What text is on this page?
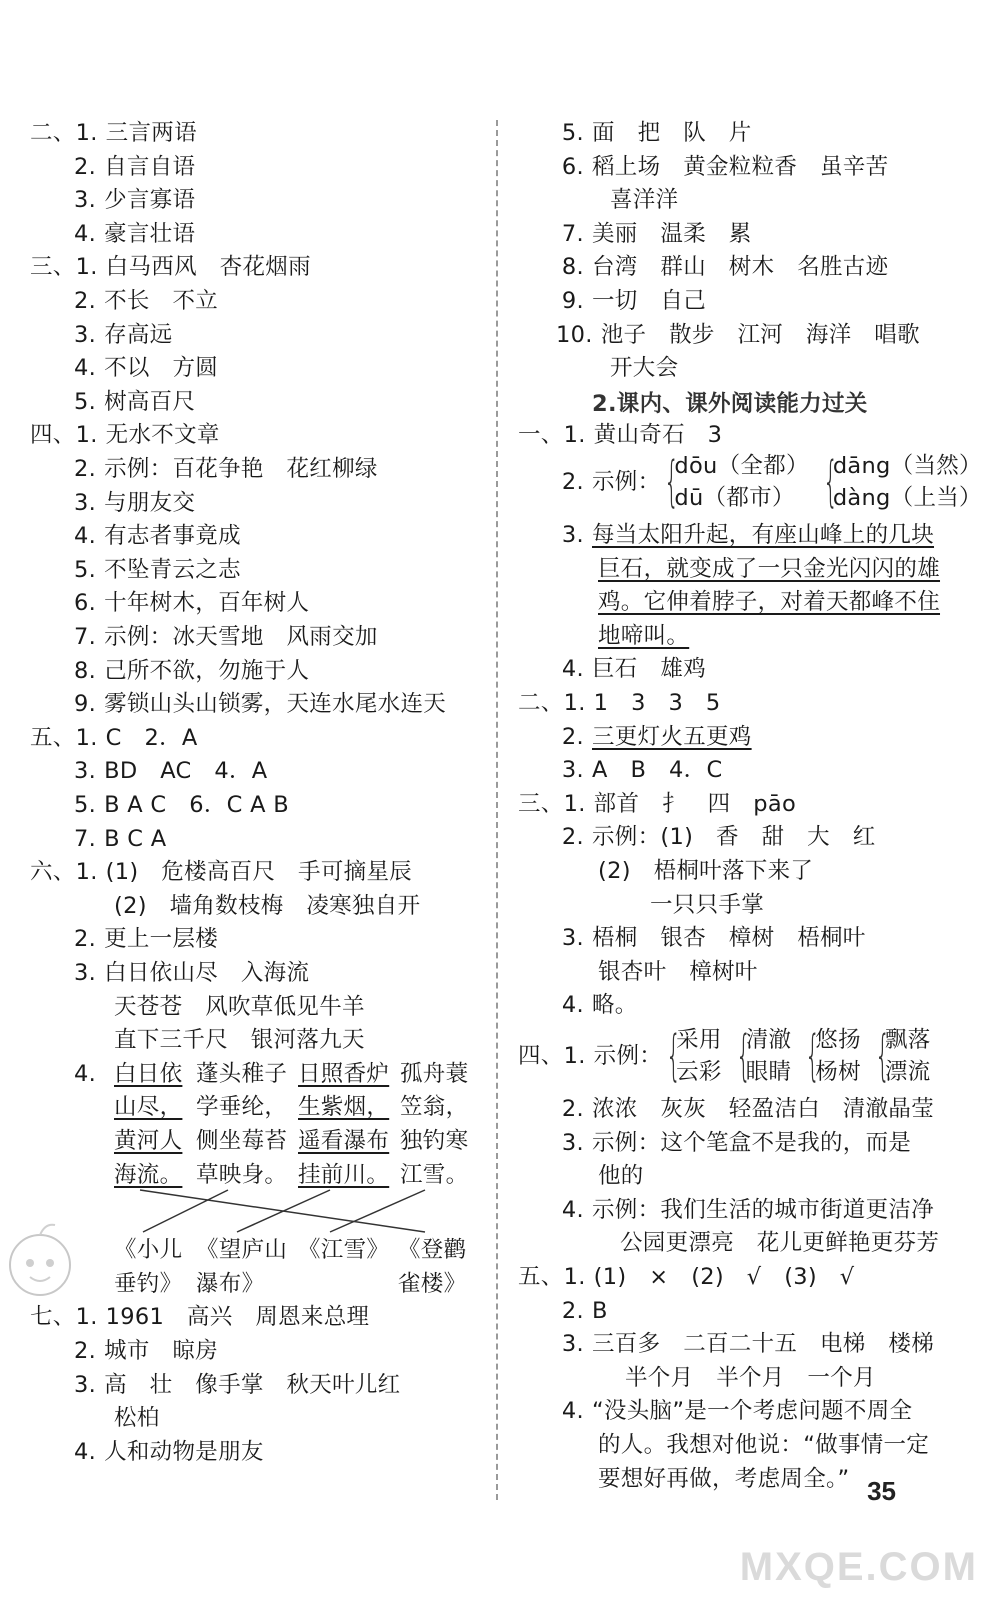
二、1. 三言两语
2. 自言自语
3. 少言寡语
4. 豪言壮语
三、1. 白马西风　杏花烟雨
2. 不长　不立
3. 存高远
4. 不以　方圆
5. 树高百尺
四、1. 无水不文章
2. 示例：百花争艳　花红柳绿
3. 与朋友交
4. 有志者事竟成
5. 不坠青云之志
6. 十年树木，百年树人
7. 示例：冰天雪地　风雨交加
8. 己所不欲，勿施于人
9. 雾锁山头山锁雾，天连水尾水连天
五、1. C　2．A
3. BD　AC　4．A
5. B A C　6．C A B
7. B C A
六、1. (1)　危楼高百尺　手可摘星辰
(2)　墙角数枝梅　凌寒独自开
2. 更上一层楼
3. 白日依山尽　入海流
天苍苍　风吹草低见牛羊
直下三千尺　银河落九天
4. 白日依 蓬头稚子 日照香炉 孤舟蓑
山尽， 学垂纶， 生紫烟， 笠翁，
黄河人 侧坐莓苔 遥看瀑布 独钓寒
海流。 草映身。 挂前川。 江雪。
《小儿
垂钓》
《望庐山
瀑布》
《江雪》 《登鹳
雀楼》
七、1. 1961　高兴　周恩来总理
2. 城市　晾房
3. 高　壮　像手掌　秋天叶儿红
松柏
4. 人和动物是朋友
5. 面　把　队　片
6. 稻上场　黄金粒粒香　虽辛苦
喜洋洋
7. 美丽　温柔　累
8. 台湾　群山　树木　名胜古迹
9. 一切　自己
10. 池子　散步　江河　海洋　唱歌
开大会
2.课内、课外阅读能力过关
一、1. 黄山奇石　3
2. 示例： {
dōu（全都）
dū（都市） {
dāng（当然）
dàng（上当）
3. 每当太阳升起，有座山峰上的几块
巨石，就变成了一只金光闪闪的雄
鸡。它伸着脖子，对着天都峰不住
地啼叫。
4. 巨石　雄鸡
二、1. 1　3　3　5
2. 三更灯火五更鸡
3. A　B　4．C
三、1. 部首　扌　四　pāo
2. 示例：(1)　香　甜　大　红
(2)　梧桐叶落下来了
一只只手掌
3. 梧桐　银杏　樟树　梧桐叶
银杏叶　樟树叶
4. 略。
四、1. 示例： {
采用
云彩 {
清澈
眼睛 {
悠扬
杨树 {
飘落
漂流
2. 浓浓　灰灰　轻盈洁白　清澈晶莹
3. 示例：这个笔盒不是我的，而是
他的
4. 示例：我们生活的城市街道更洁净
公园更漂亮　花儿更鲜艳更芬芳
五、1. (1)　×　(2)　√　(3)　√
2. B
3. 三百多　二百二十五　电梯　楼梯
半个月　半个月　一个月
4. “没头脑”是一个考虑问题不周全
的人。我想对他说：“做事情一定
要想好再做，考虑周全。” 35
MXQE.COM
